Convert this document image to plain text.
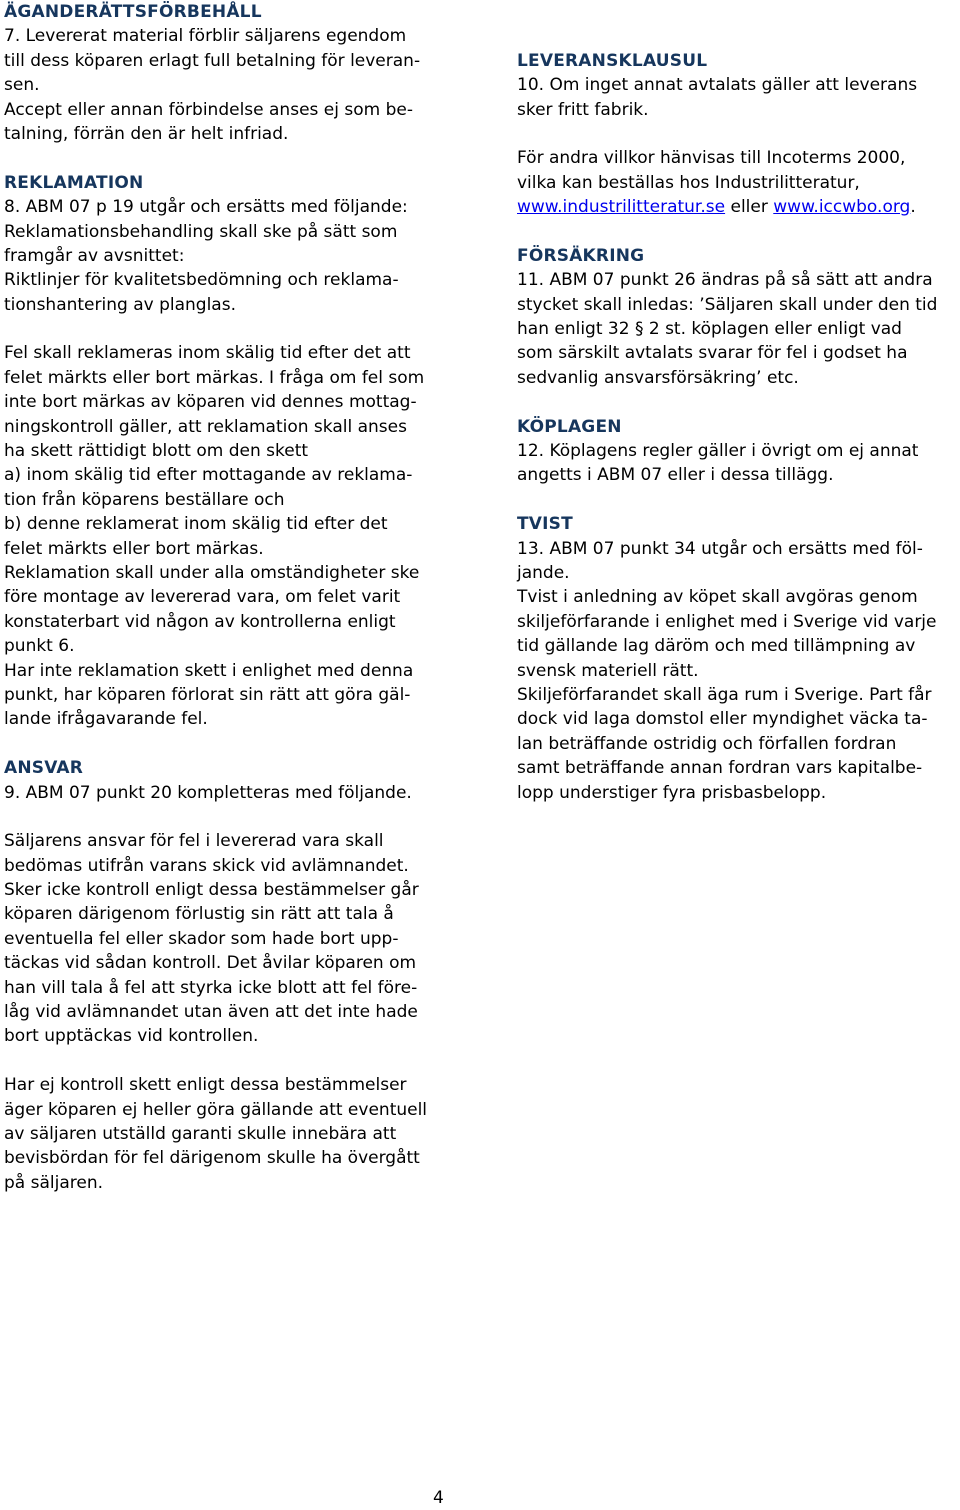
ÄGANDERÄTTSFÖRBEHÅLL
7. Levererat material förblir säljarens egendom
till dess köparen erlagt full betalning för leveran-
sen.
Accept eller annan förbindelse anses ej som be-
talning, förrän den är helt infriad.
REKLAMATION
8. ABM 07 p 19 utgår och ersätts med följande:
Reklamationsbehandling skall ske på sätt som
framgår av avsnittet:
Riktlinjer för kvalitetsbedömning och reklama-
tionshantering av planglas.
Fel skall reklameras inom skälig tid efter det att
felet märkts eller bort märkas. I fråga om fel som
inte bort märkas av köparen vid dennes mottag-
ningskontroll gäller, att reklamation skall anses
ha skett rättidigt blott om den skett
a) inom skälig tid efter mottagande av reklama-
tion från köparens beställare och
b) denne reklamerat inom skälig tid efter det
felet märkts eller bort märkas.
Reklamation skall under alla omständigheter ske
före montage av levererad vara, om felet varit
konstaterbart vid någon av kontrollerna enligt
punkt 6.
Har inte reklamation skett i enlighet med denna
punkt, har köparen förlorat sin rätt att göra gäl-
lande ifrågavarande fel.
ANSVAR
9. ABM 07 punkt 20 kompletteras med följande.
Säljarens ansvar för fel i levererad vara skall
bedömas utifrån varans skick vid avlämnandet.
Sker icke kontroll enligt dessa bestämmelser går
köparen därigenom förlustig sin rätt att tala å
eventuella fel eller skador som hade bort upp-
täckas vid sådan kontroll. Det åvilar köparen om
han vill tala å fel att styrka icke blott att fel före-
låg vid avlämnandet utan även att det inte hade
bort upptäckas vid kontrollen.
Har ej kontroll skett enligt dessa bestämmelser
äger köparen ej heller göra gällande att eventuell
av säljaren utställd garanti skulle innebära att
bevisbördan för fel därigenom skulle ha övergått
på säljaren.
LEVERANSKLAUSUL
10. Om inget annat avtalats gäller att leverans
sker fritt fabrik.
För andra villkor hänvisas till Incoterms 2000,
vilka kan beställas hos Industrilitteratur,
www.industrilitteratur.se eller www.iccwbo.org.
FÖRSÄKRING
11. ABM 07 punkt 26 ändras på så sätt att andra
stycket skall inledas: ’Säljaren skall under den tid
han enligt 32 § 2 st. köplagen eller enligt vad
som särskilt avtalats svarar för fel i godset ha
sedvanlig ansvarsförsäkring’ etc.
KÖPLAGEN
12. Köplagens regler gäller i övrigt om ej annat
angetts i ABM 07 eller i dessa tillägg.
TVIST
13. ABM 07 punkt 34 utgår och ersätts med föl-
jande.
Tvist i anledning av köpet skall avgöras genom
skiljeförfarande i enlighet med i Sverige vid varje
tid gällande lag däröm och med tillämpning av
svensk materiell rätt.
Skiljeförfarandet skall äga rum i Sverige. Part får
dock vid laga domstol eller myndighet väcka ta-
lan beträffande ostridig och förfallen fordran
samt beträffande annan fordran vars kapitalbe-
lopp understiger fyra prisbasbelopp.
4
